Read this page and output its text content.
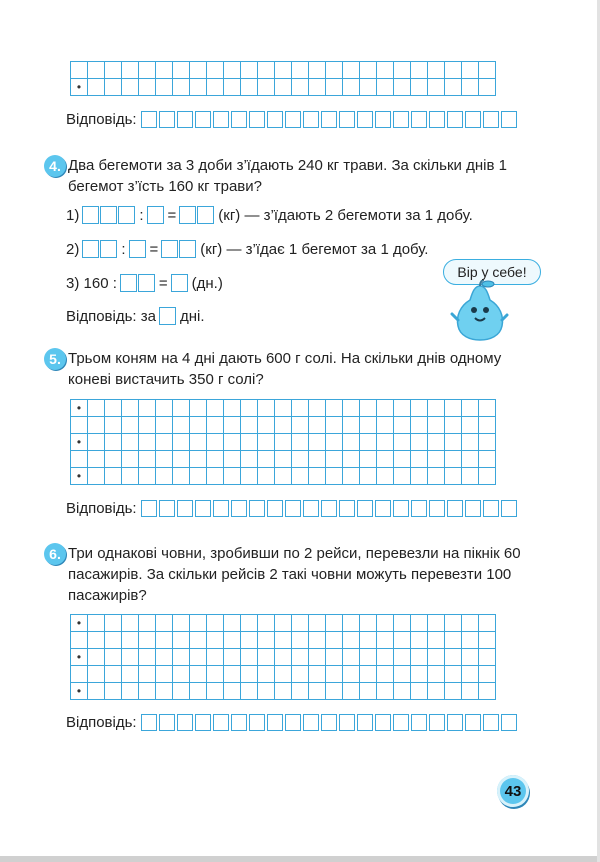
•
Відповідь:
4. Два бегемоти за 3 доби з’їдають 240 кг трави. За скільки днів 1 бегемот з’їсть 160 кг трави?
1)	: =	(кг) — з’їдають 2 бегемоти за 1 добу.
2)	: =	(кг) — з’їдає 1 бегемот за 1 добу.
3) 160 :	= (дн.)
Відповідь: за дні.
Вір у себе!
5. Трьом коням на 4 дні дають 600 г солі. На скільки днів одному коневі вистачить 350 г солі?
•
•
•
Відповідь:
6. Три однакові човни, зробивши по 2 рейси, перевезли на пікнік 60 пасажирів. За скільки рейсів 2 такі човни можуть перевезти 100 пасажирів?
•
•
•
Відповідь:
43
